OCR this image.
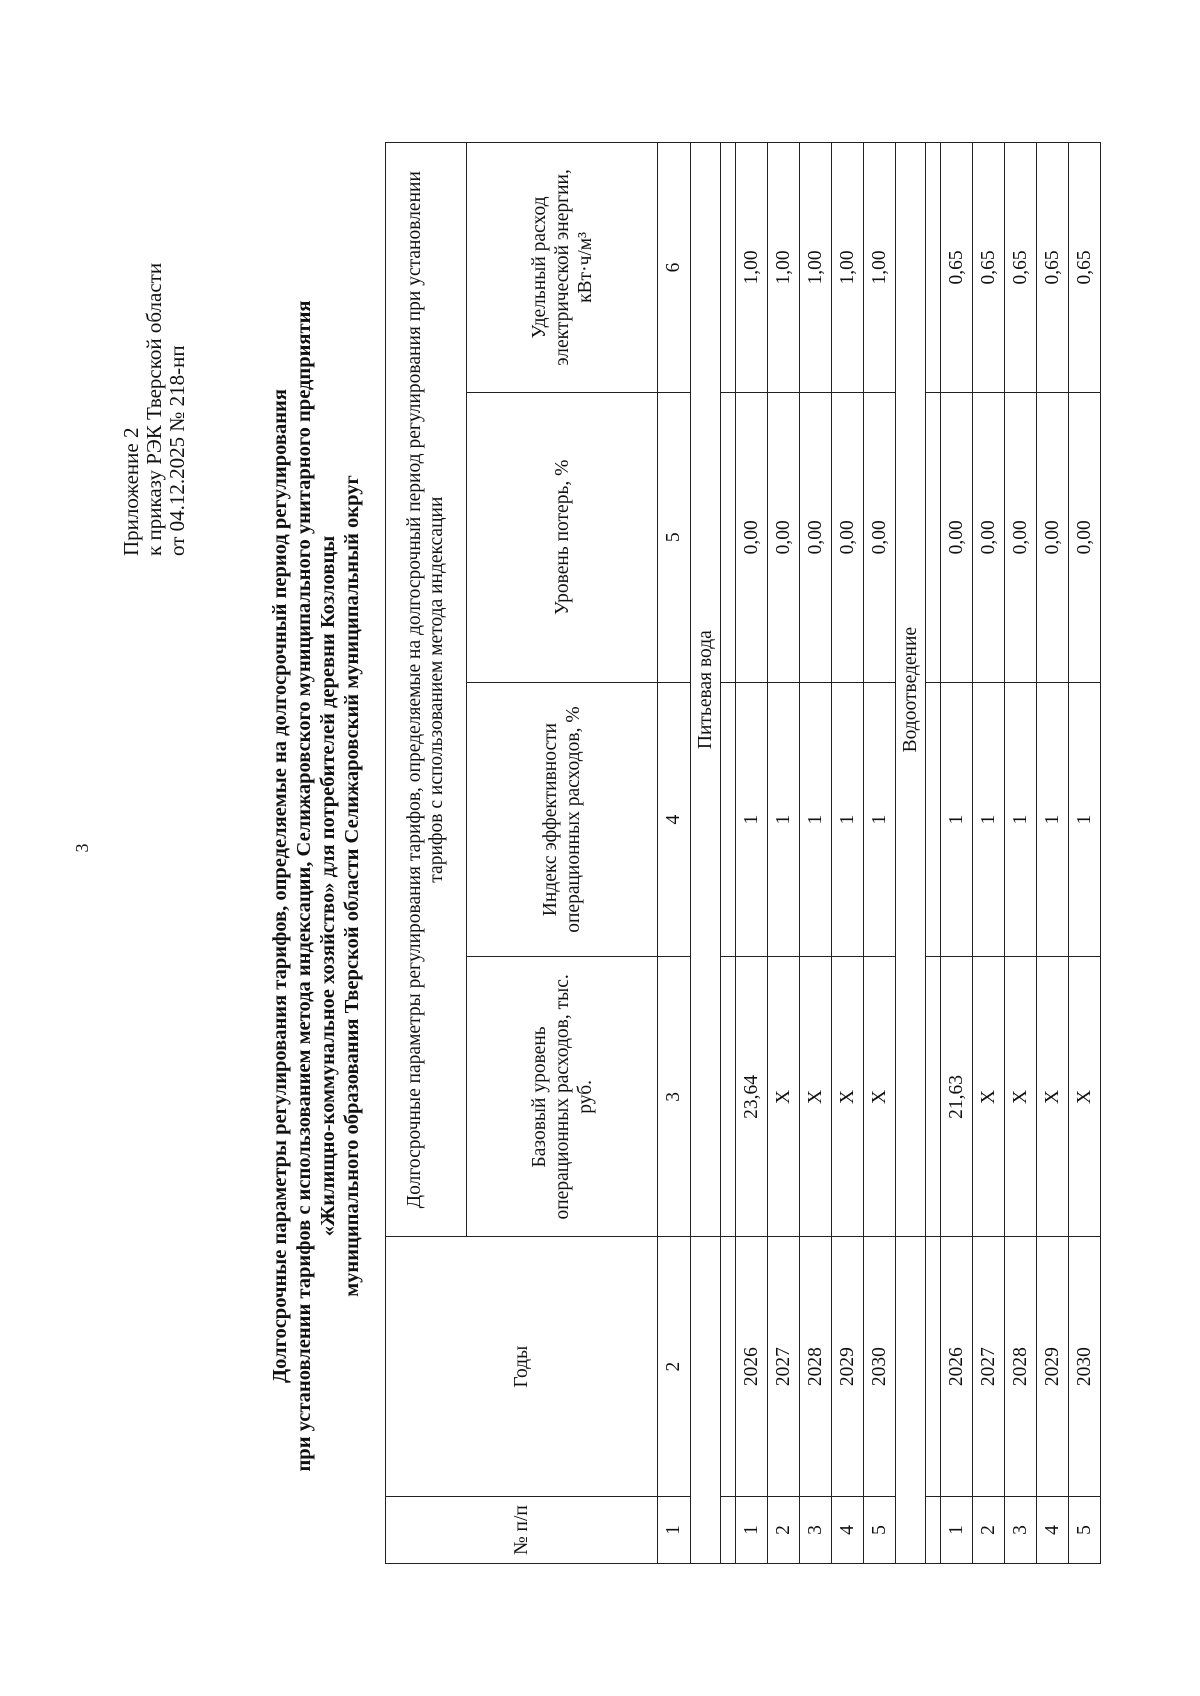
3
Приложение 2 к приказу РЭК Тверской области от 04.12.2025 № 218-нп	Долгосрочные параметры регулирования тарифов, определяемые на долгосрочный период регулирования при установлении тарифов с использованием метода индексации, Селижаровского муниципального унитарного предприятия «Жилищно-коммунальное хозяйство» для потребителей деревни Козловцы муниципального образования Тверской области Селижаровский муниципальный округ
№ п/п	Годы	Долгосрочные параметры регулирования тарифов, определяемые на долгосрочный период регулирования при установлении тарифов с использованием метода индексации			
		Базовый уровень операционных расходов, тыс. руб.	Индекс эффективности операционных расходов, %	Уровень потерь, %	Удельный расход электрической энергии, кВт·ч/м³
1	2	3	4	5	6
		Питьевая вода			

1	2026	23,64	1	0,00	1,00
2	2027	X	1	0,00	1,00
3	2028	X	1	0,00	1,00
4	2029	X	1	0,00	1,00
5	2030	X	1	0,00	1,00
		Водоотведение			

1	2026	21,63	1	0,00	0,65
2	2027	X	1	0,00	0,65
3	2028	X	1	0,00	0,65
4	2029	X	1	0,00	0,65
5	2030	X	1	0,00	0,65
